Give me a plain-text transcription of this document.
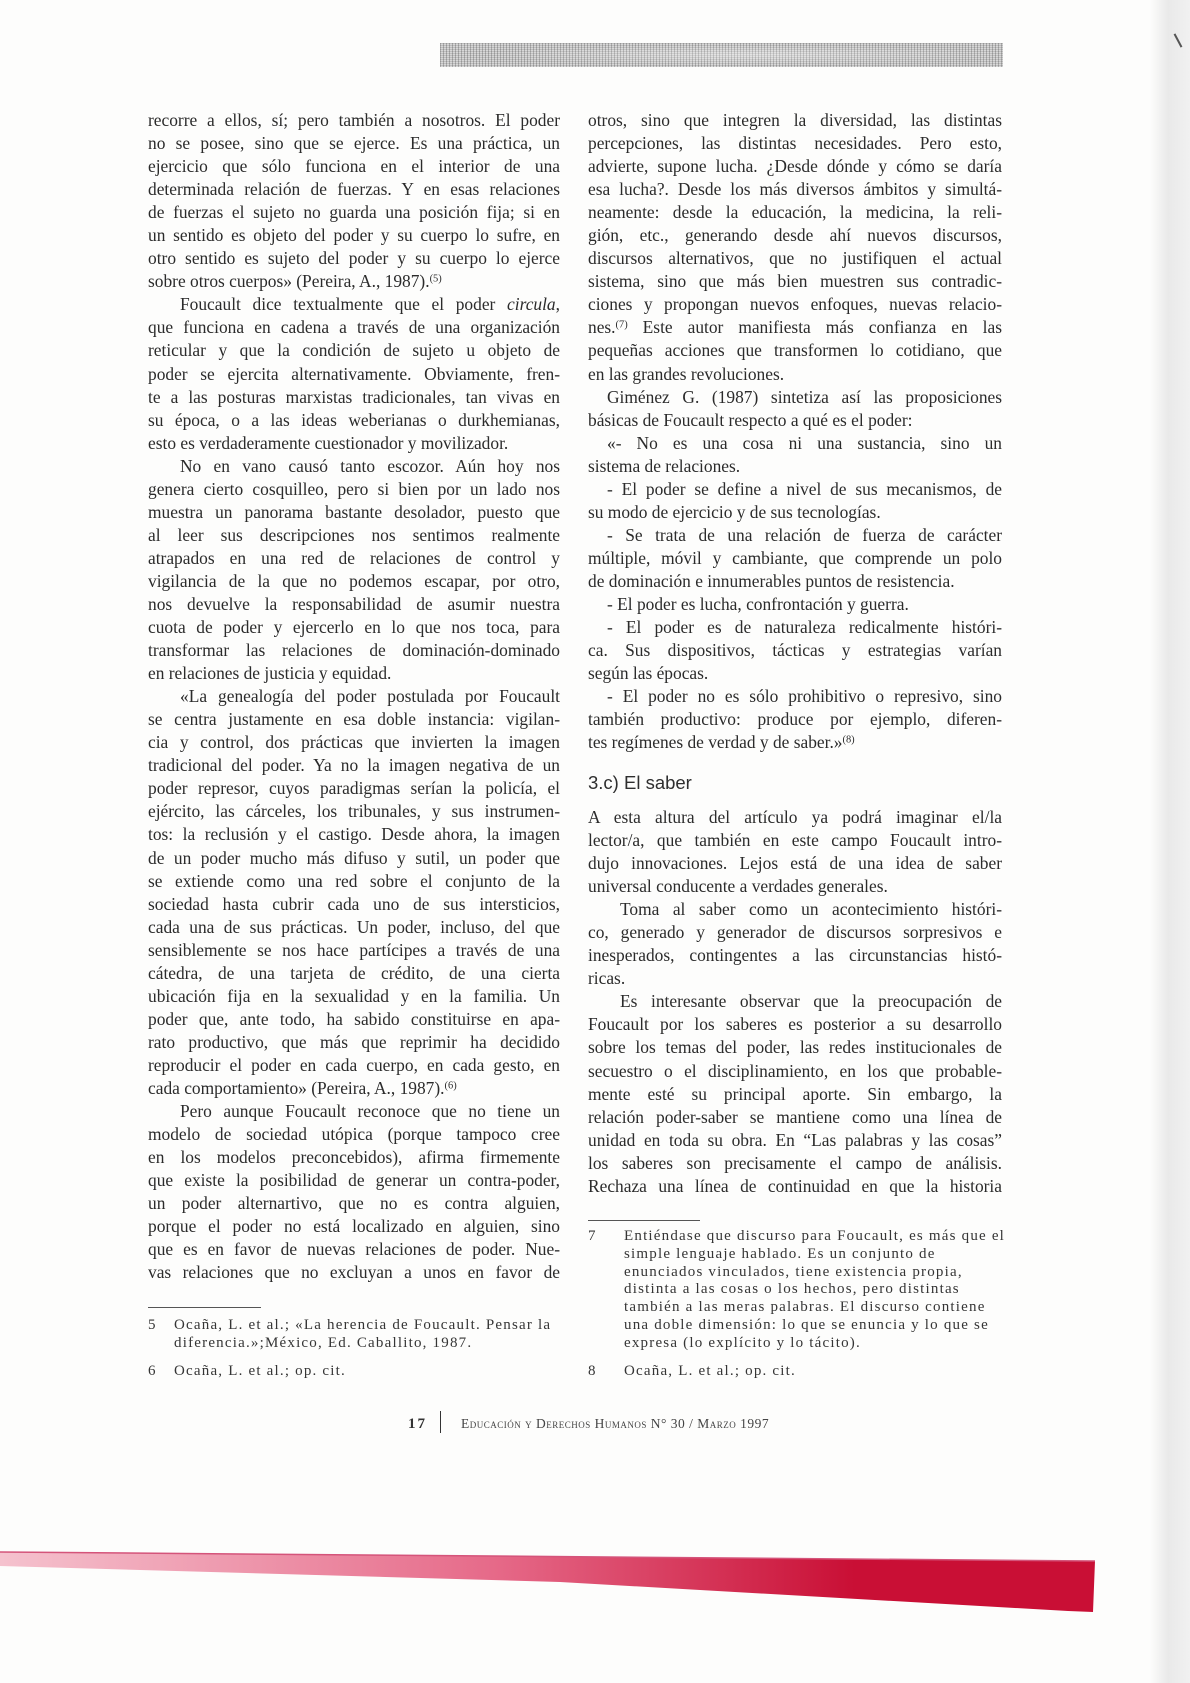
recorre a ellos, sí; pero también a nosotros. El poder
no se posee, sino que se ejerce. Es una práctica, un
ejercicio que sólo funciona en el interior de una
determinada relación de fuerzas. Y en esas relaciones
de fuerzas el sujeto no guarda una posición fija; si en
un sentido es objeto del poder y su cuerpo lo sufre, en
otro sentido es sujeto del poder y su cuerpo lo ejerce
sobre otros cuerpos» (Pereira, A., 1987).$^{(5)}$
Foucault dice textualmente que el poder circula,
que funciona en cadena a través de una organización
reticular y que la condición de sujeto u objeto de
poder se ejercita alternativamente. Obviamente, fren-
te a las posturas marxistas tradicionales, tan vivas en
su época, o a las ideas weberianas o durkhemianas,
esto es verdaderamente cuestionador y movilizador.
No en vano causó tanto escozor. Aún hoy nos
genera cierto cosquilleo, pero si bien por un lado nos
muestra un panorama bastante desolador, puesto que
al leer sus descripciones nos sentimos realmente
atrapados en una red de relaciones de control y
vigilancia de la que no podemos escapar, por otro,
nos devuelve la responsabilidad de asumir nuestra
cuota de poder y ejercerlo en lo que nos toca, para
transformar las relaciones de dominación-dominado
en relaciones de justicia y equidad.
«La genealogía del poder postulada por Foucault
se centra justamente en esa doble instancia: vigilan-
cia y control, dos prácticas que invierten la imagen
tradicional del poder. Ya no la imagen negativa de un
poder represor, cuyos paradigmas serían la policía, el
ejército, las cárceles, los tribunales, y sus instrumen-
tos: la reclusión y el castigo. Desde ahora, la imagen
de un poder mucho más difuso y sutil, un poder que
se extiende como una red sobre el conjunto de la
sociedad hasta cubrir cada uno de sus intersticios,
cada una de sus prácticas. Un poder, incluso, del que
sensiblemente se nos hace partícipes a través de una
cátedra, de una tarjeta de crédito, de una cierta
ubicación fija en la sexualidad y en la familia. Un
poder que, ante todo, ha sabido constituirse en apa-
rato productivo, que más que reprimir ha decidido
reproducir el poder en cada cuerpo, en cada gesto, en
cada comportamiento» (Pereira, A., 1987).$^{(6)}$
Pero aunque Foucault reconoce que no tiene un
modelo de sociedad utópica (porque tampoco cree
en los modelos preconcebidos), afirma firmemente
que existe la posibilidad de generar un contra-poder,
un poder alternartivo, que no es contra alguien,
porque el poder no está localizado en alguien, sino
que es en favor de nuevas relaciones de poder. Nue-
vas relaciones que no excluyan a unos en favor de
otros, sino que integren la diversidad, las distintas
percepciones, las distintas necesidades. Pero esto,
advierte, supone lucha. ¿Desde dónde y cómo se daría
esa lucha?. Desde los más diversos ámbitos y simultá-
neamente: desde la educación, la medicina, la reli-
gión, etc., generando desde ahí nuevos discursos,
discursos alternativos, que no justifiquen el actual
sistema, sino que más bien muestren sus contradic-
ciones y propongan nuevos enfoques, nuevas relacio-
nes.$^{(7)}$ Este autor manifiesta más confianza en las
pequeñas acciones que transformen lo cotidiano, que
en las grandes revoluciones.
Giménez G. (1987) sintetiza así las proposiciones
básicas de Foucault respecto a qué es el poder:
«- No es una cosa ni una sustancia, sino un
sistema de relaciones.
- El poder se define a nivel de sus mecanismos, de
su modo de ejercicio y de sus tecnologías.
- Se trata de una relación de fuerza de carácter
múltiple, móvil y cambiante, que comprende un polo
de dominación e innumerables puntos de resistencia.
- El poder es lucha, confrontación y guerra.
- El poder es de naturaleza redicalmente históri-
ca. Sus dispositivos, tácticas y estrategias varían
según las épocas.
- El poder no es sólo prohibitivo o represivo, sino
también productivo: produce por ejemplo, diferen-
tes regímenes de verdad y de saber.»$^{(8)}$
3.c) El saber
A esta altura del artículo ya podrá imaginar el/la
lector/a, que también en este campo Foucault intro-
dujo innovaciones. Lejos está de una idea de saber
universal conducente a verdades generales.
Toma al saber como un acontecimiento históri-
co, generado y generador de discursos sorpresivos e
inesperados, contingentes a las circunstancias histó-
ricas.
Es interesante observar que la preocupación de
Foucault por los saberes es posterior a su desarrollo
sobre los temas del poder, las redes institucionales de
secuestro o el disciplinamiento, en los que probable-
mente esté su principal aporte. Sin embargo, la
relación poder-saber se mantiene como una línea de
unidad en toda su obra. En “Las palabras y las cosas”
los saberes son precisamente el campo de análisis.
Rechaza una línea de continuidad en que la historia
5	Ocaña, L. et al.; «La herencia de Foucault. Pensar la
diferencia.»;México, Ed. Caballito, 1987.
6	Ocaña, L. et al.; op. cit.
7	Entiéndase que discurso para Foucault, es más que el
simple lenguaje hablado. Es un conjunto de
enunciados vinculados, tiene existencia propia,
distinta a las cosas o los hechos, pero distintas
también a las meras palabras. El discurso contiene
una doble dimensión: lo que se enuncia y lo que se
expresa (lo explícito y lo tácito).
8	Ocaña, L. et al.; op. cit.
17	Educación y Derechos Humanos N° 30 / Marzo 1997
